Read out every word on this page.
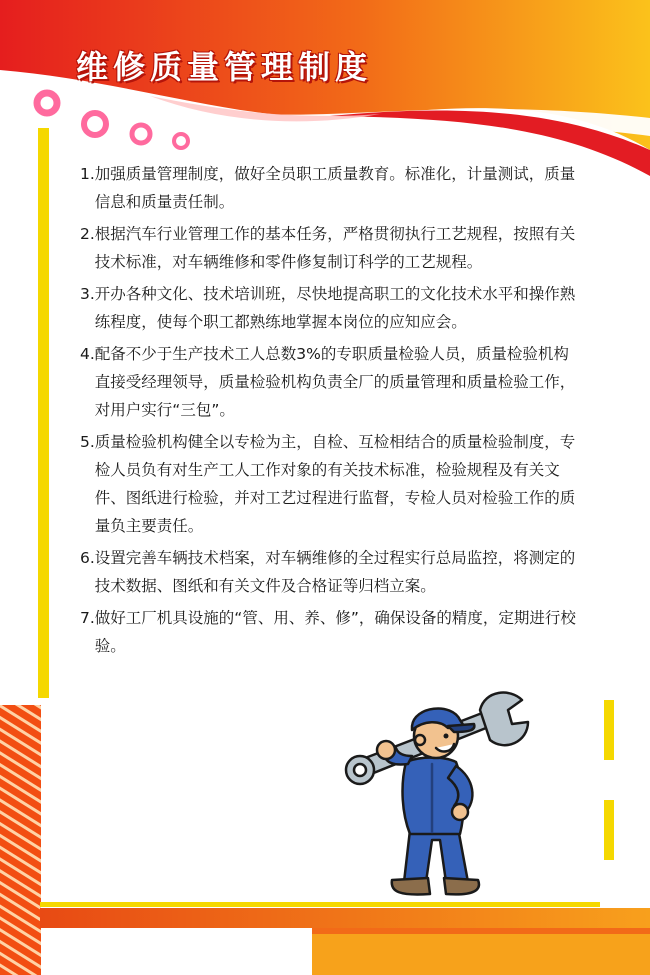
维修质量管理制度
1. 加强质量管理制度，做好全员职工质量教育。标准化，计量测试，质量信息和质量责任制。
2. 根据汽车行业管理工作的基本任务，严格贯彻执行工艺规程，按照有关技术标准，对车辆维修和零件修复制订科学的工艺规程。
3. 开办各种文化、技术培训班，尽快地提高职工的文化技术水平和操作熟练程度，使每个职工都熟练地掌握本岗位的应知应会。
4. 配备不少于生产技术工人总数3%的专职质量检验人员，质量检验机构直接受经理领导，质量检验机构负责全厂的质量管理和质量检验工作，对用户实行“三包”。
5. 质量检验机构健全以专检为主，自检、互检相结合的质量检验制度，专检人员负有对生产工人工作对象的有关技术标准，检验规程及有关文件、图纸进行检验，并对工艺过程进行监督，专检人员对检验工作的质量负主要责任。
6. 设置完善车辆技术档案，对车辆维修的全过程实行总局监控，将测定的技术数据、图纸和有关文件及合格证等归档立案。
7. 做好工厂机具设施的“管、用、养、修”，确保设备的精度，定期进行校验。
